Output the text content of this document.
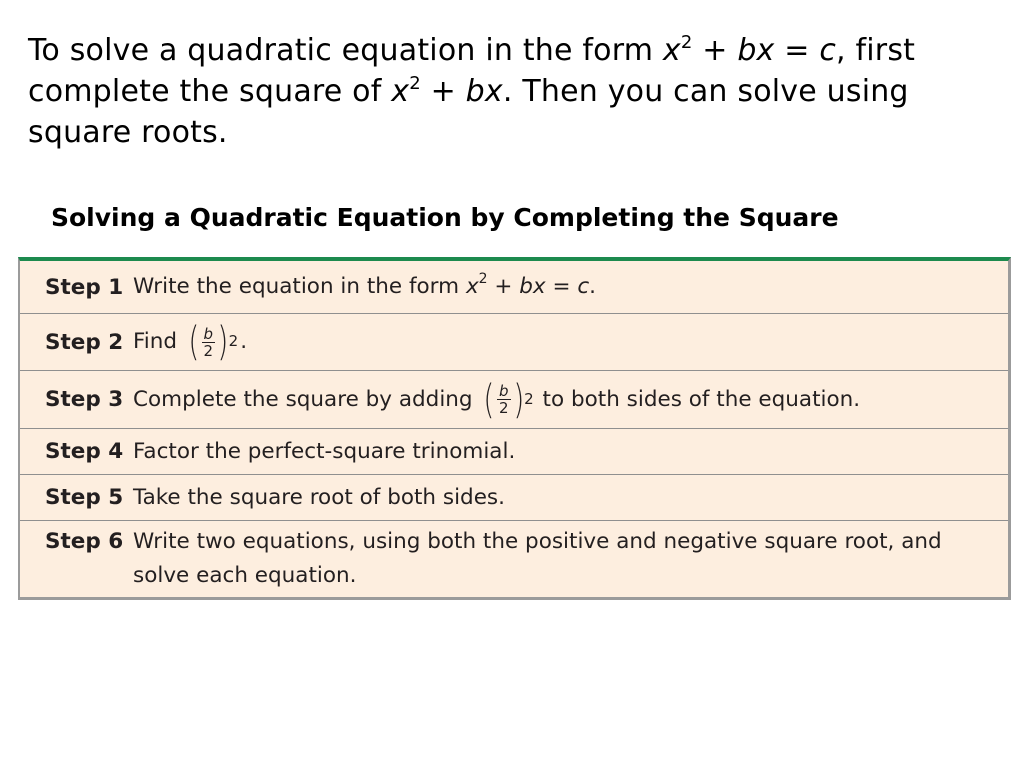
To solve a quadratic equation in the form $x^2$ + bx = c, first complete the square of $x^2$ + bx. Then you can solve using square roots.
Solving a Quadratic Equation by Completing the Square
Step 1 Write the equation in the form $x^2$ + bx = c.
Step 2 Find ( $\frac{b}{2}$ ) 2 .
Step 3 Complete the square by adding ( $\frac{b}{2}$ ) 2 to both sides of the equation.
Step 4 Factor the perfect-square trinomial.
Step 5 Take the square root of both sides.
Step 6 Write two equations, using both the positive and negative square root, and solve each equation.
